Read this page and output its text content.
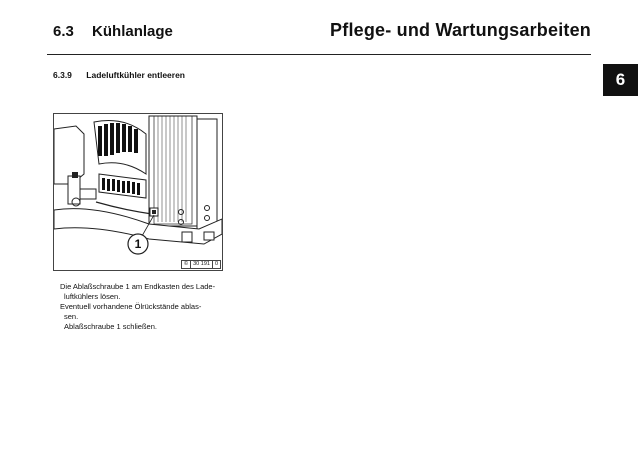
6.3 Kühlanlage	Pflege- und Wartungsarbeiten
6
6.3.9 Ladeluftkühler entleeren
1
© 30 191 0

Die Ablaßschraube 1 am Endkasten des Lade-

luftkühlers lösen.

Eventuell vorhandene Ölrückstände ablas-

sen.

Ablaßschraube 1 schließen.
